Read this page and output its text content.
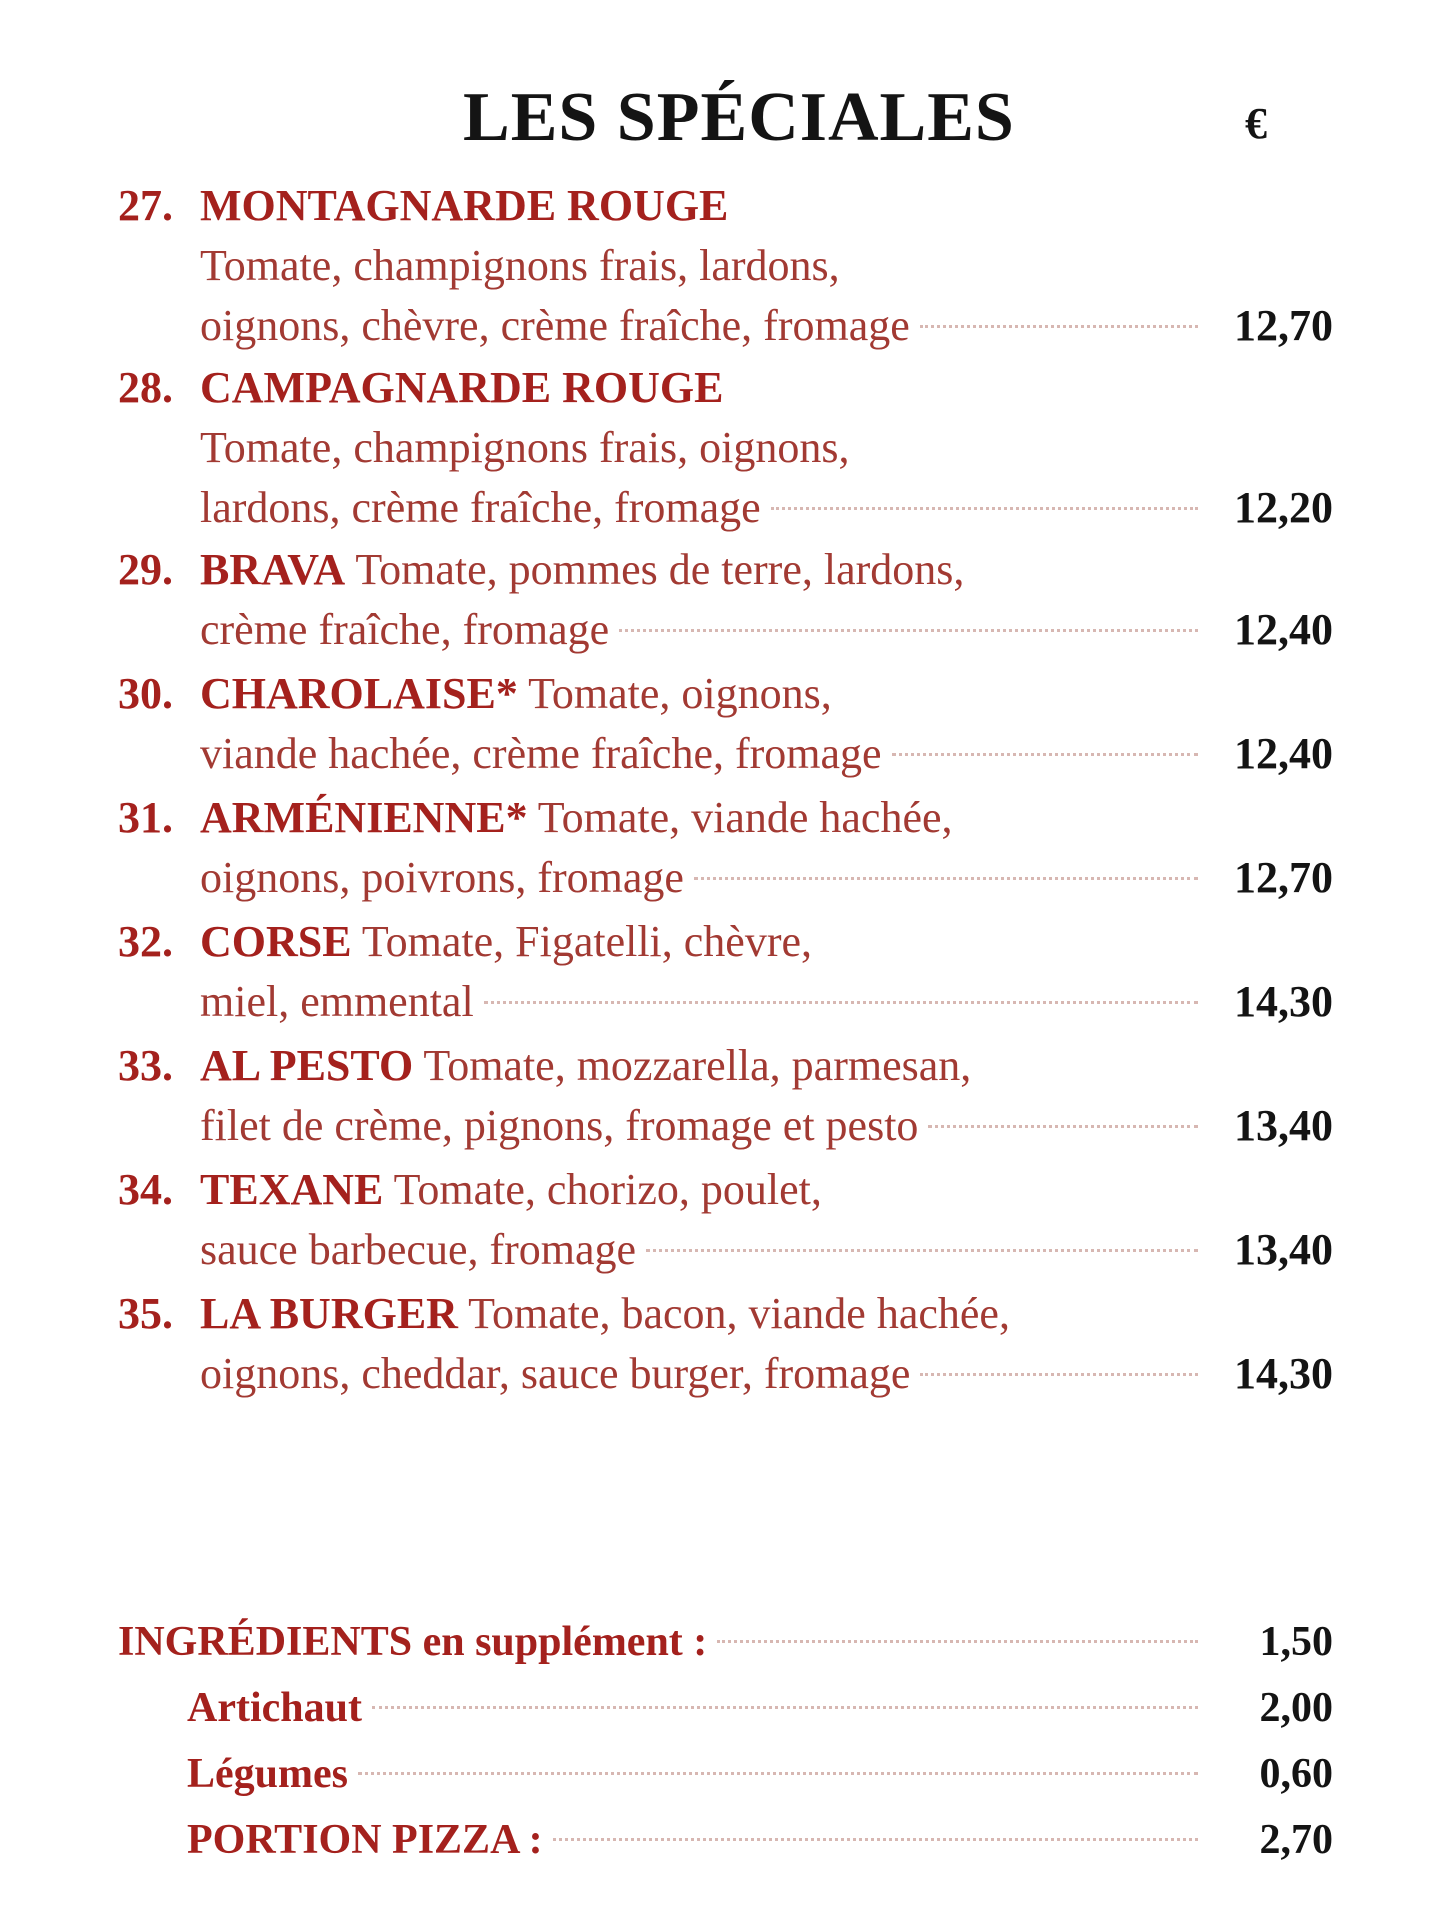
LES SPÉCIALES	€
27. MONTAGNARDE ROUGE
Tomate, champignons frais, lardons,
oignons, chèvre, crème fraîche, fromage	12,70
28. CAMPAGNARDE ROUGE
Tomate, champignons frais, oignons,
lardons, crème fraîche, fromage	12,20
29. BRAVA Tomate, pommes de terre, lardons,
crème fraîche, fromage	12,40
30. CHAROLAISE* Tomate, oignons,
viande hachée, crème fraîche, fromage	12,40
31. ARMÉNIENNE* Tomate, viande hachée,
oignons, poivrons, fromage	12,70
32. CORSE Tomate, Figatelli, chèvre,
miel, emmental	14,30
33. AL PESTO Tomate, mozzarella, parmesan,
filet de crème, pignons, fromage et pesto	13,40
34. TEXANE Tomate, chorizo, poulet,
sauce barbecue, fromage	13,40
35. LA BURGER Tomate, bacon, viande hachée,
oignons, cheddar, sauce burger, fromage	14,30
INGRÉDIENTS en supplément :	1,50
Artichaut	2,00
Légumes	0,60
PORTION PIZZA :	2,70
